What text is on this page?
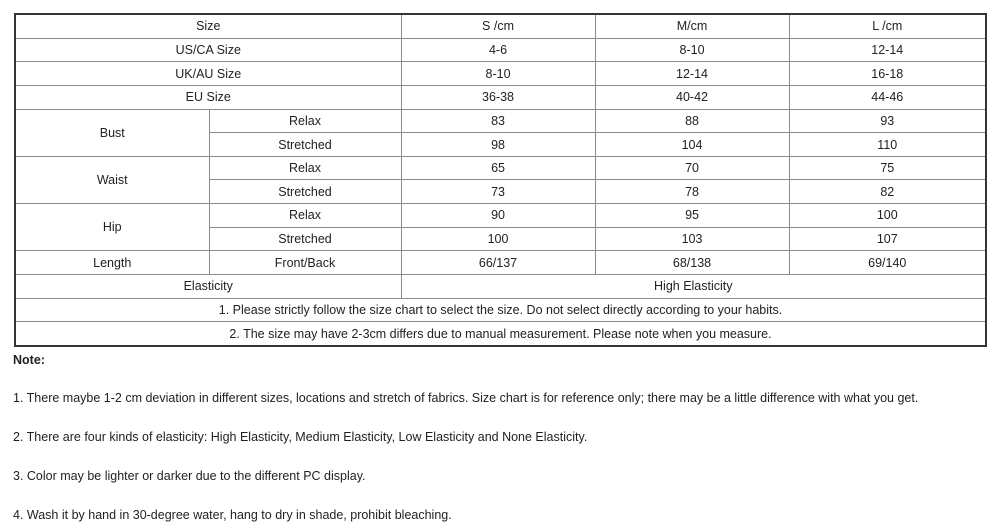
Size		S /cm	M/cm	L /cm
US/CA Size		4-6	8-10	12-14
UK/AU Size		8-10	12-14	16-18
EU Size		36-38	40-42	44-46
Bust	Relax	83	88	93
	Stretched	98	104	110
Waist	Relax	65	70	75
	Stretched	73	78	82
Hip	Relax	90	95	100
	Stretched	100	103	107
Length	Front/Back	66/137	68/138	69/140
Elasticity		High Elasticity		
1. Please strictly follow the size chart to select the size. Do not select directly according to your habits.				
2. The size may have 2-3cm differs due to manual measurement. Please note when you measure.				
Note:
1. There maybe 1-2 cm deviation in different sizes, locations and stretch of fabrics. Size chart is for reference only; there may be a little difference with what you get.
2. There are four kinds of elasticity: High Elasticity, Medium Elasticity, Low Elasticity and None Elasticity.
3. Color may be lighter or darker due to the different PC display.
4. Wash it by hand in 30-degree water, hang to dry in shade, prohibit bleaching.
